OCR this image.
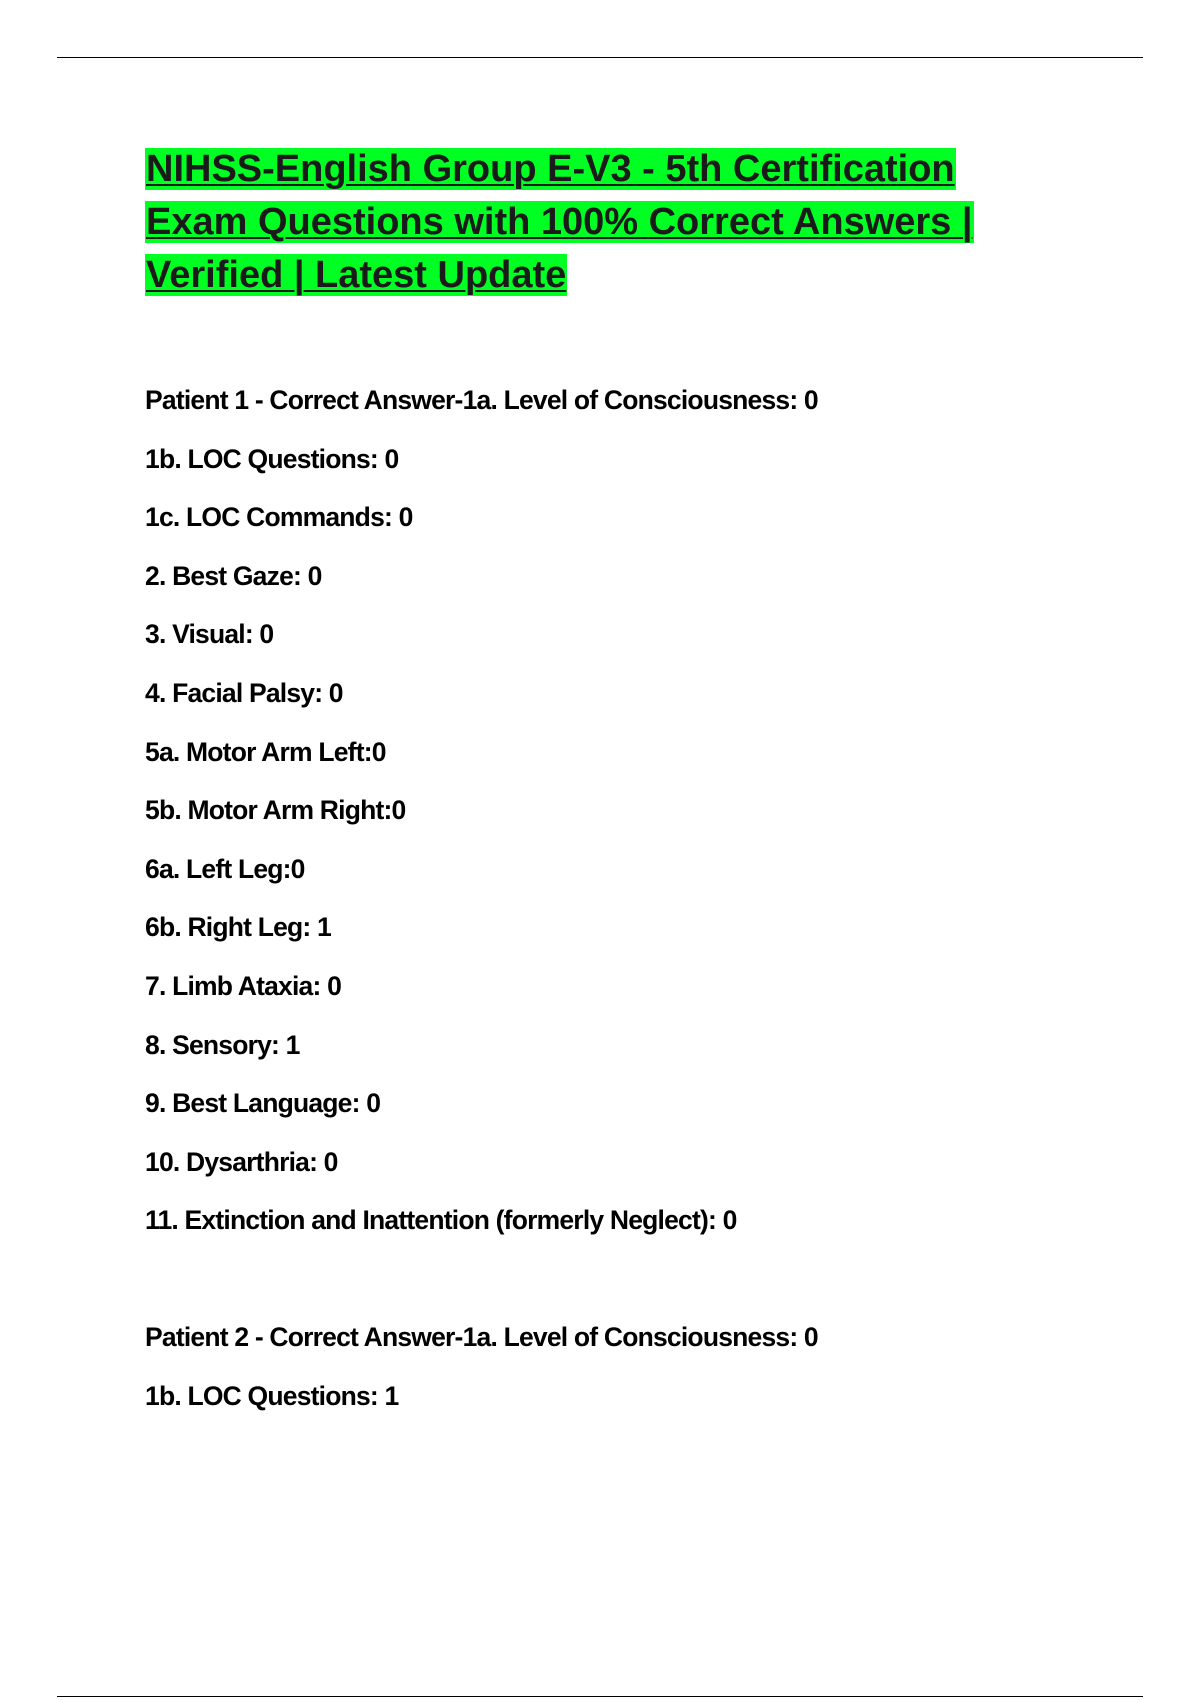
NIHSS-English Group E-V3 - 5th Certification

Exam Questions with 100% Correct Answers |

Verified | Latest Update

Patient 1 - Correct Answer-1a. Level of Consciousness: 0

1b. LOC Questions: 0

1c. LOC Commands: 0

2. Best Gaze: 0

3. Visual: 0

4. Facial Palsy: 0

5a. Motor Arm Left:0

5b. Motor Arm Right:0

6a. Left Leg:0

6b. Right Leg: 1

7. Limb Ataxia: 0

8. Sensory: 1

9. Best Language: 0

10. Dysarthria: 0

11. Extinction and Inattention (formerly Neglect): 0

Patient 2 - Correct Answer-1a. Level of Consciousness: 0

1b. LOC Questions: 1
